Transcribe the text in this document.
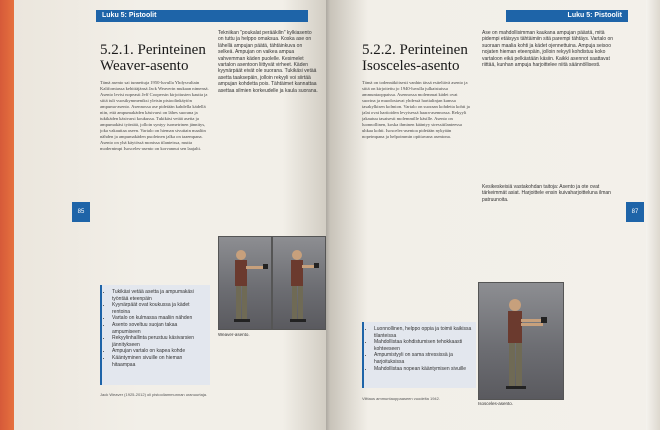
Luku 5: Pistoolit
5.2.1. Perinteinen
Weaver-asento

Tämä asento sai tunnettuja 1950-luvulla Yhdysvaltain Kaliforniassa kehittäjänsä Jack Weaverin mukaan nimensä. Asento levisi nopeasti Jeff Coopersin kirjoitusten kautta ja siitä tuli vuosikymmeniksi yleisin pistoolinkäytön ampuma-asento. Asennossa ase pidetään kahdella kädellä niin, että ampumakäden käsivarsi on lähes suorana ja tukikäden käsivarsi koukussa. Tukikäsi vetää asetta ja ampumakäsi työntää, jolloin syntyy isometrinen jännitys, joka vakauttaa aseen. Vartalo on hieman sivuttain maaliin nähden ja ampumakäden puoleinen jalka on taaempana. Asento on yhä käytössä monissa tilanteissa, mutta modernimpi Isosceles-asento on korvannut sen laajalti.

• Tukikäsi vetää asetta ja ampumakäsi työntää eteenpäin
• Kyynärpäät ovat koukussa ja kädet rentoina
• Vartalo on kulmassa maaliin nähden
• Asento soveltuu suojan takaa ampumiseen
• Rekyylinhallinta perustuu käsivarsien jännitykseen
• Ampujan vartalo on kapea kohde
• Kääntyminen sivuille on hieman hitaampaa
Tekniikan "poukalat perääkilin" kylkiasento on tuttu ja helppo omaksua. Koska ase on lähellä ampujan päätä, tähtäinkuva on selkeä. Ampujan on vaikea ampua vahvemman käden puolelle. Kesimelet vartalon asentoon liittyvät virheet. Käden kyynärpäät eivät ole suorana. Tukikäsi vetää asetta taaksepäin, jolloin rekyyli voi siirtää ampujan kohdetta pois. Tähtäimet kannattaa asettaa silmien korkeudelle ja kaula suorana.
Weaver-asento.
Jack Weaver (1925-2012) oli pistooliammunnan uranuurtaja.
85
Luku 5: Pistoolit
5.2.2. Perinteinen
Isosceles-asento

Tämä on todennäköisesti vanhin tässä esiteltävä asento ja siitä on kirjoitettu jo 1940-luvulla julkaistuissa ammuntaoppaissa. Asennossa molemmat kädet ovat suorina ja muodostavat yhdessä hartialinjan kanssa tasakylkisen kolmion. Vartalo on suoraan kohdetta kohti ja jalat ovat hartioiden levyisessä haara-asennossa. Rekyyli jakautuu tasaisesti molemmille käsille. Asento on luonnollinen, koska ihminen kääntyy stressitilanteessa uhkaa kohti. Isosceles-asentoa pidetään nykyään nopeimpana ja helpoimmin opittavana asentona.

• Luonnollinen, helppo oppia ja toimii kaikissa tilanteissa
• Mahdollistaa kohdistumisen tehokkaasti kohteeseen
• Ampumistyyli on sama stressissä ja harjoituksissa
• Mahdollistaa nopean kääntymisen sivuille
Viittaus ammuntaoppaaseen vuodelta 1942.
Ase on mahdollisimman kaukana ampujan päästä, mitä pidempi etäisyys tähtäimiin sitä parempi tähtäys. Vartalo on suoraan maalia kohti ja kädet ojennettuina. Ampuja seisoo nojaten hieman eteenpäin, jolloin rekyyli kohdistuu koko vartaloon eikä pelkästään käsiin. Kaikki asennot saattavat riittää, kunhan ampuja harjoittelee niitä säännöllisesti.
Kesikeskeisiä vastakohdan taitoja: Asento ja ote ovat tärkeimmät asiat. Harjoittele ensin kuivaharjoitteluna ilman patruunoita.
Isosceles-asento.
87
